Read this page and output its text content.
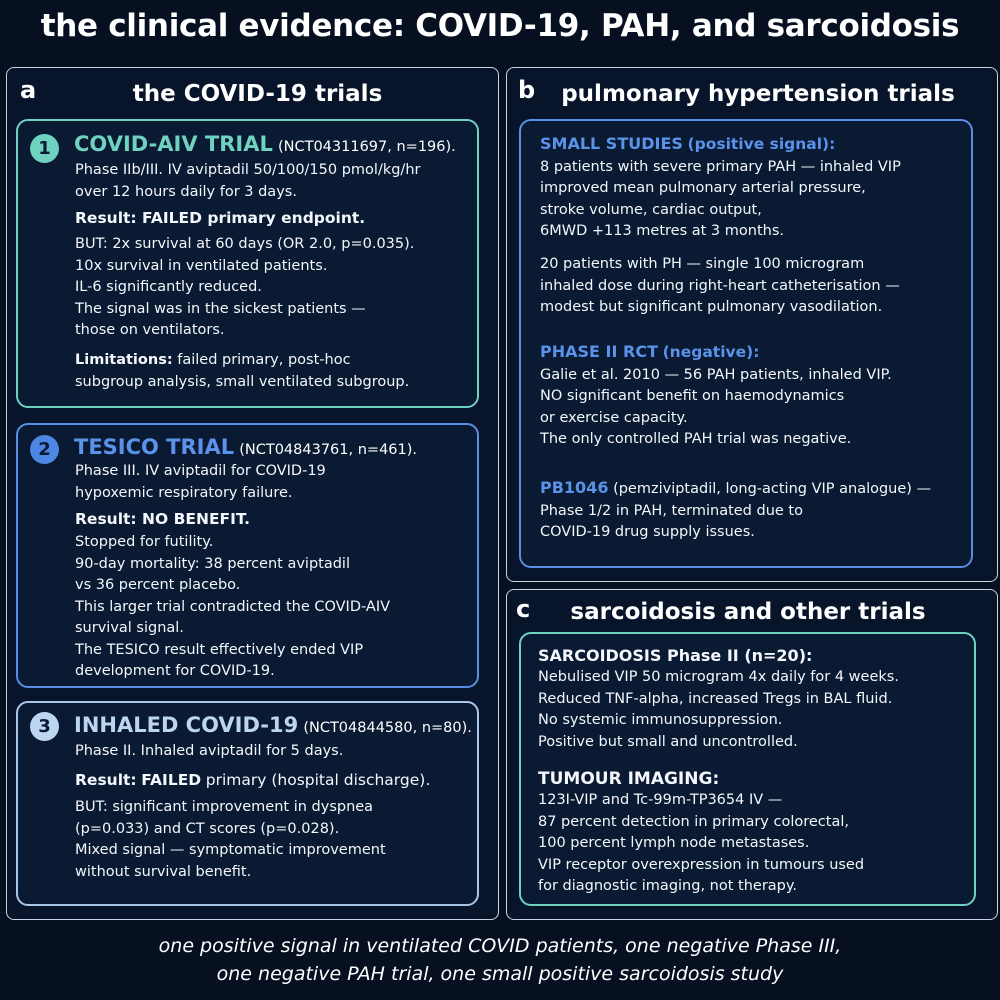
the clinical evidence: COVID-19, PAH, and sarcoidosis
a	the COVID-19 trials
1	COVID-AIV TRIAL (NCT04311697, n=196).
Phase IIb/III. IV aviptadil 50/100/150 pmol/kg/hr
over 12 hours daily for 3 days.
Result: FAILED primary endpoint.
BUT: 2x survival at 60 days (OR 2.0, p=0.035).
10x survival in ventilated patients.
IL-6 significantly reduced.
The signal was in the sickest patients —
those on ventilators.
Limitations: failed primary, post-hoc
subgroup analysis, small ventilated subgroup.
2	TESICO TRIAL (NCT04843761, n=461).
Phase III. IV aviptadil for COVID-19
hypoxemic respiratory failure.
Result: NO BENEFIT.
Stopped for futility.
90-day mortality: 38 percent aviptadil
vs 36 percent placebo.
This larger trial contradicted the COVID-AIV
survival signal.
The TESICO result effectively ended VIP
development for COVID-19.
3	INHALED COVID-19 (NCT04844580, n=80).
Phase II. Inhaled aviptadil for 5 days.
Result: FAILED primary (hospital discharge).
BUT: significant improvement in dyspnea
(p=0.033) and CT scores (p=0.028).
Mixed signal — symptomatic improvement
without survival benefit.
b	pulmonary hypertension trials
SMALL STUDIES (positive signal):
8 patients with severe primary PAH — inhaled VIP
improved mean pulmonary arterial pressure,
stroke volume, cardiac output,
6MWD +113 metres at 3 months.
20 patients with PH — single 100 microgram
inhaled dose during right-heart catheterisation —
modest but significant pulmonary vasodilation.
PHASE II RCT (negative):
Galie et al. 2010 — 56 PAH patients, inhaled VIP.
NO significant benefit on haemodynamics
or exercise capacity.
The only controlled PAH trial was negative.
PB1046 (pemziviptadil, long-acting VIP analogue) —
Phase 1/2 in PAH, terminated due to
COVID-19 drug supply issues.
c	sarcoidosis and other trials
SARCOIDOSIS Phase II (n=20):
Nebulised VIP 50 microgram 4x daily for 4 weeks.
Reduced TNF-alpha, increased Tregs in BAL fluid.
No systemic immunosuppression.
Positive but small and uncontrolled.
TUMOUR IMAGING:
123I-VIP and Tc-99m-TP3654 IV —
87 percent detection in primary colorectal,
100 percent lymph node metastases.
VIP receptor overexpression in tumours used
for diagnostic imaging, not therapy.
one positive signal in ventilated COVID patients, one negative Phase III,
one negative PAH trial, one small positive sarcoidosis study
